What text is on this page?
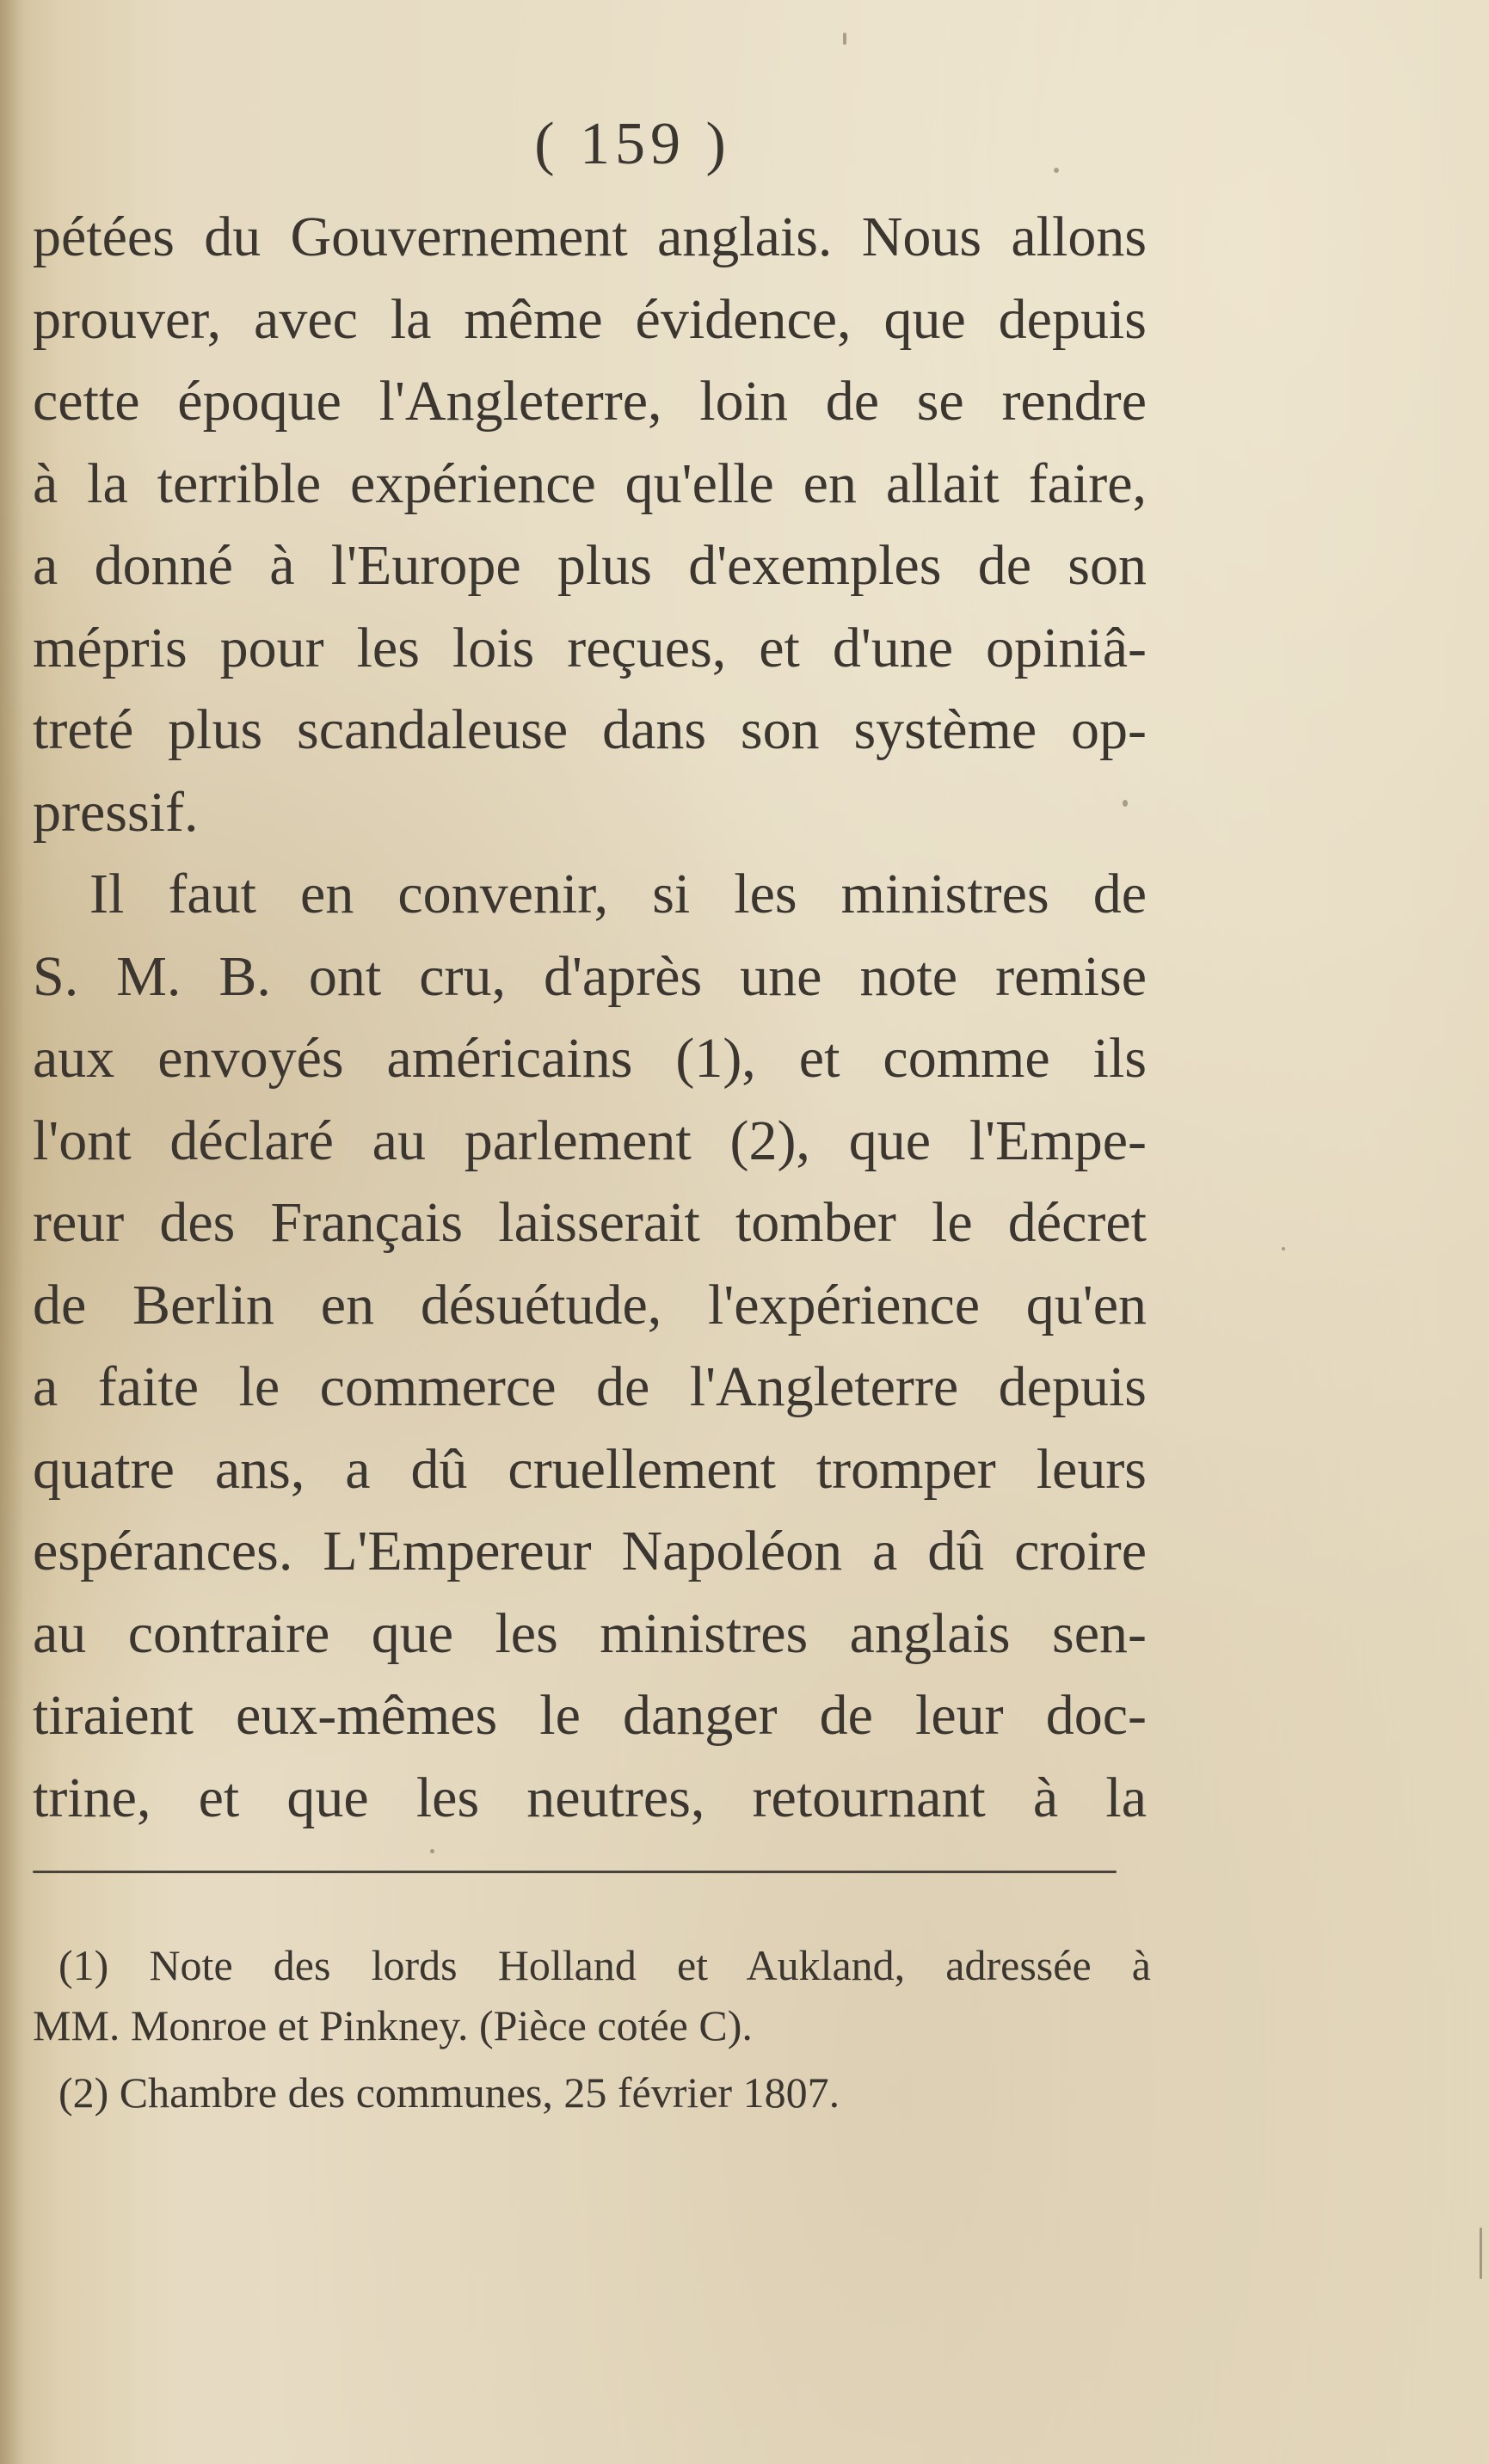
( 159 )
pétées du Gouvernement anglais. Nous allons
prouver, avec la même évidence, que depuis
cette époque l'Angleterre, loin de se rendre
à la terrible expérience qu'elle en allait faire,
a donné à l'Europe plus d'exemples de son
mépris pour les lois reçues, et d'une opiniâ-
treté plus scandaleuse dans son système op-
pressif.
Il faut en convenir, si les ministres de
S. M. B. ont cru, d'après une note remise
aux envoyés américains (1), et comme ils
l'ont déclaré au parlement (2), que l'Empe-
reur des Français laisserait tomber le décret
de Berlin en désuétude, l'expérience qu'en
a faite le commerce de l'Angleterre depuis
quatre ans, a dû cruellement tromper leurs
espérances. L'Empereur Napoléon a dû croire
au contraire que les ministres anglais sen-
tiraient eux-mêmes le danger de leur doc-
trine, et que les neutres, retournant à la
(1) Note des lords Holland et Aukland, adressée à
MM. Monroe et Pinkney. (Pièce cotée C).
(2) Chambre des communes, 25 février 1807.
